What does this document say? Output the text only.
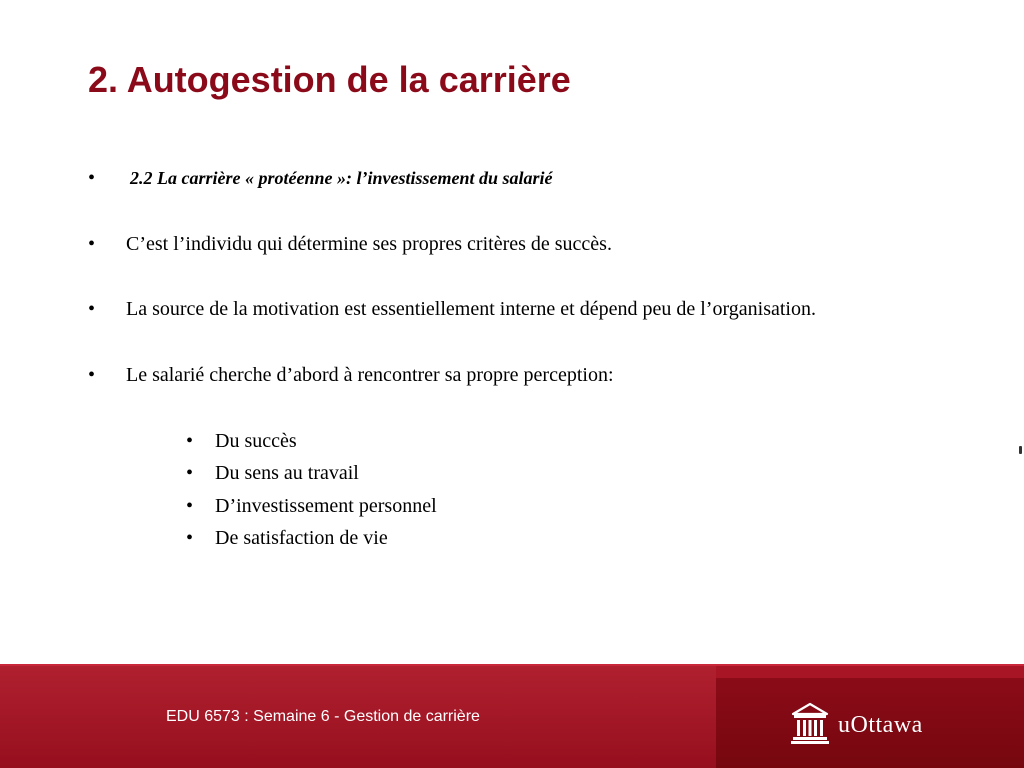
2. Autogestion de la carrière
• 2.2 La carrière « protéenne »: l’investissement du salarié
• C’est l’individu qui détermine ses propres critères de succès.
• La source de la motivation est essentiellement interne et dépend peu de l’organisation.
• Le salarié cherche d’abord à rencontrer sa propre perception:
• Du succès
• Du sens au travail
• D’investissement personnel
• De satisfaction de vie
EDU 6573 : Semaine 6 - Gestion de carrière	uOttawa
